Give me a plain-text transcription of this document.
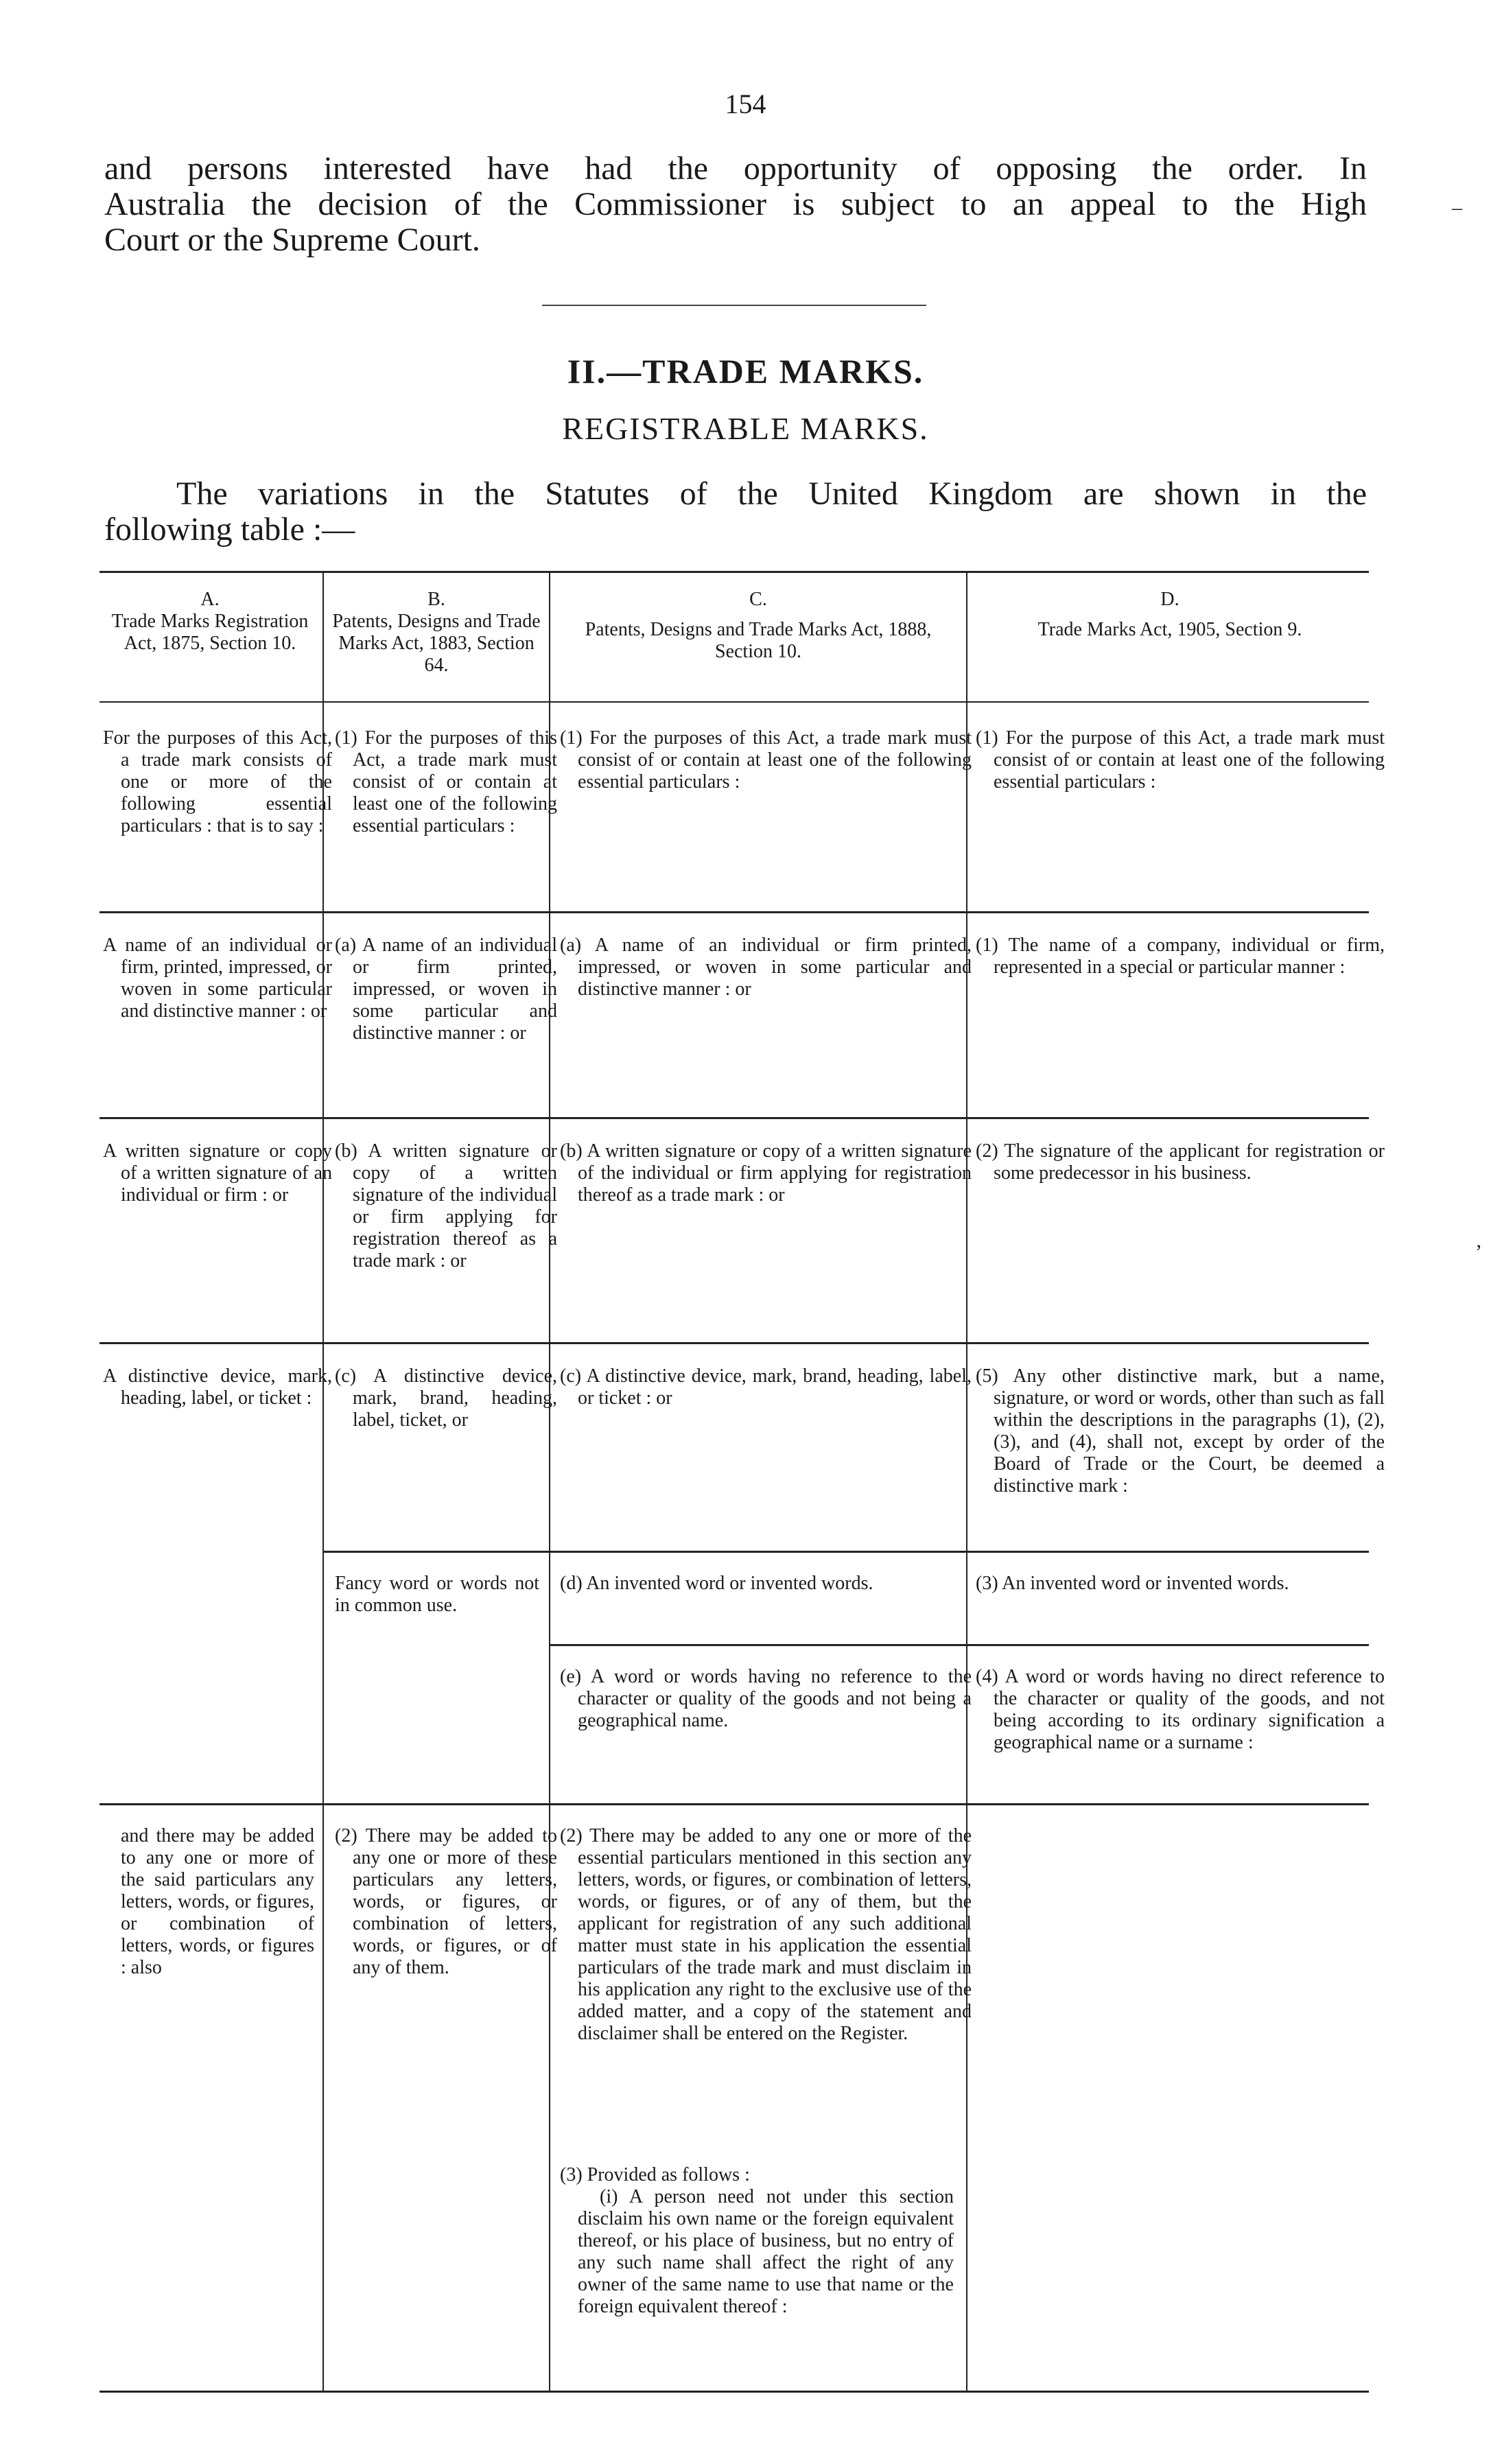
154
and persons interested have had the opportunity of opposing the order. In
Australia the decision of the Commissioner is subject to an appeal to the High
Court or the Supreme Court.
II.—TRADE MARKS.
REGISTRABLE MARKS.
The variations in the Statutes of the United Kingdom are shown in the
following table :—
A.
Trade Marks Registration Act, 1875, Section 10.
B.
Patents, Designs and Trade Marks Act, 1883, Section 64.
C.
Patents, Designs and Trade Marks Act, 1888, Section 10.
D.
Trade Marks Act, 1905, Section 9.
For the purposes of this Act, a trade mark consists of one or more of the following essential particulars : that is to say :
(1) For the purposes of this Act, a trade mark must consist of or contain at least one of the following essential particulars :
(1) For the purposes of this Act, a trade mark must consist of or contain at least one of the following essential particulars :
(1) For the purpose of this Act, a trade mark must consist of or contain at least one of the following essential particulars :
A name of an individual or firm, printed, impressed, or woven in some particular and distinctive manner : or
(a) A name of an individual or firm printed, impressed, or woven in some particular and distinctive manner : or
(a) A name of an individual or firm printed, impressed, or woven in some particular and distinctive manner : or
(1) The name of a company, individual or firm, represented in a special or particular manner :
A written signature or copy of a written signature of an individual or firm : or
(b) A written signature or copy of a written signature of the individual or firm applying for registration thereof as a trade mark : or
(b) A written signature or copy of a written signature of the individual or firm applying for registration thereof as a trade mark : or
(2) The signature of the applicant for registration or some predecessor in his business.
A distinctive device, mark, heading, label, or ticket :
(c) A distinctive device, mark, brand, heading, label, ticket, or
(c) A distinctive device, mark, brand, heading, label, or ticket : or
(5) Any other distinctive mark, but a name, signature, or word or words, other than such as fall within the descriptions in the paragraphs (1), (2), (3), and (4), shall not, except by order of the Board of Trade or the Court, be deemed a distinctive mark :
Fancy word or words not in common use.
(d) An invented word or invented words.	(3) An invented word or invented words.
(e) A word or words having no reference to the character or quality of the goods and not being a geographical name.
(4) A word or words having no direct reference to the character or quality of the goods, and not being according to its ordinary signification a geographical name or a surname :
and there may be added to any one or more of the said particulars any letters, words, or figures, or combination of letters, words, or figures : also
(2) There may be added to any one or more of these particulars any letters, words, or figures, or combination of letters, words, or figures, or of any of them.
(2) There may be added to any one or more of the essential particulars mentioned in this section any letters, words, or figures, or combination of letters, words, or figures, or of any of them, but the applicant for registration of any such additional matter must state in his application the essential particulars of the trade mark and must disclaim in his application any right to the exclusive use of the added matter, and a copy of the statement and disclaimer shall be entered on the Register.
(3) Provided as follows :
(i) A person need not under this section disclaim his own name or the foreign equivalent thereof, or his place of business, but no entry of any such name shall affect the right of any owner of the same name to use that name or the foreign equivalent thereof :
–
’
